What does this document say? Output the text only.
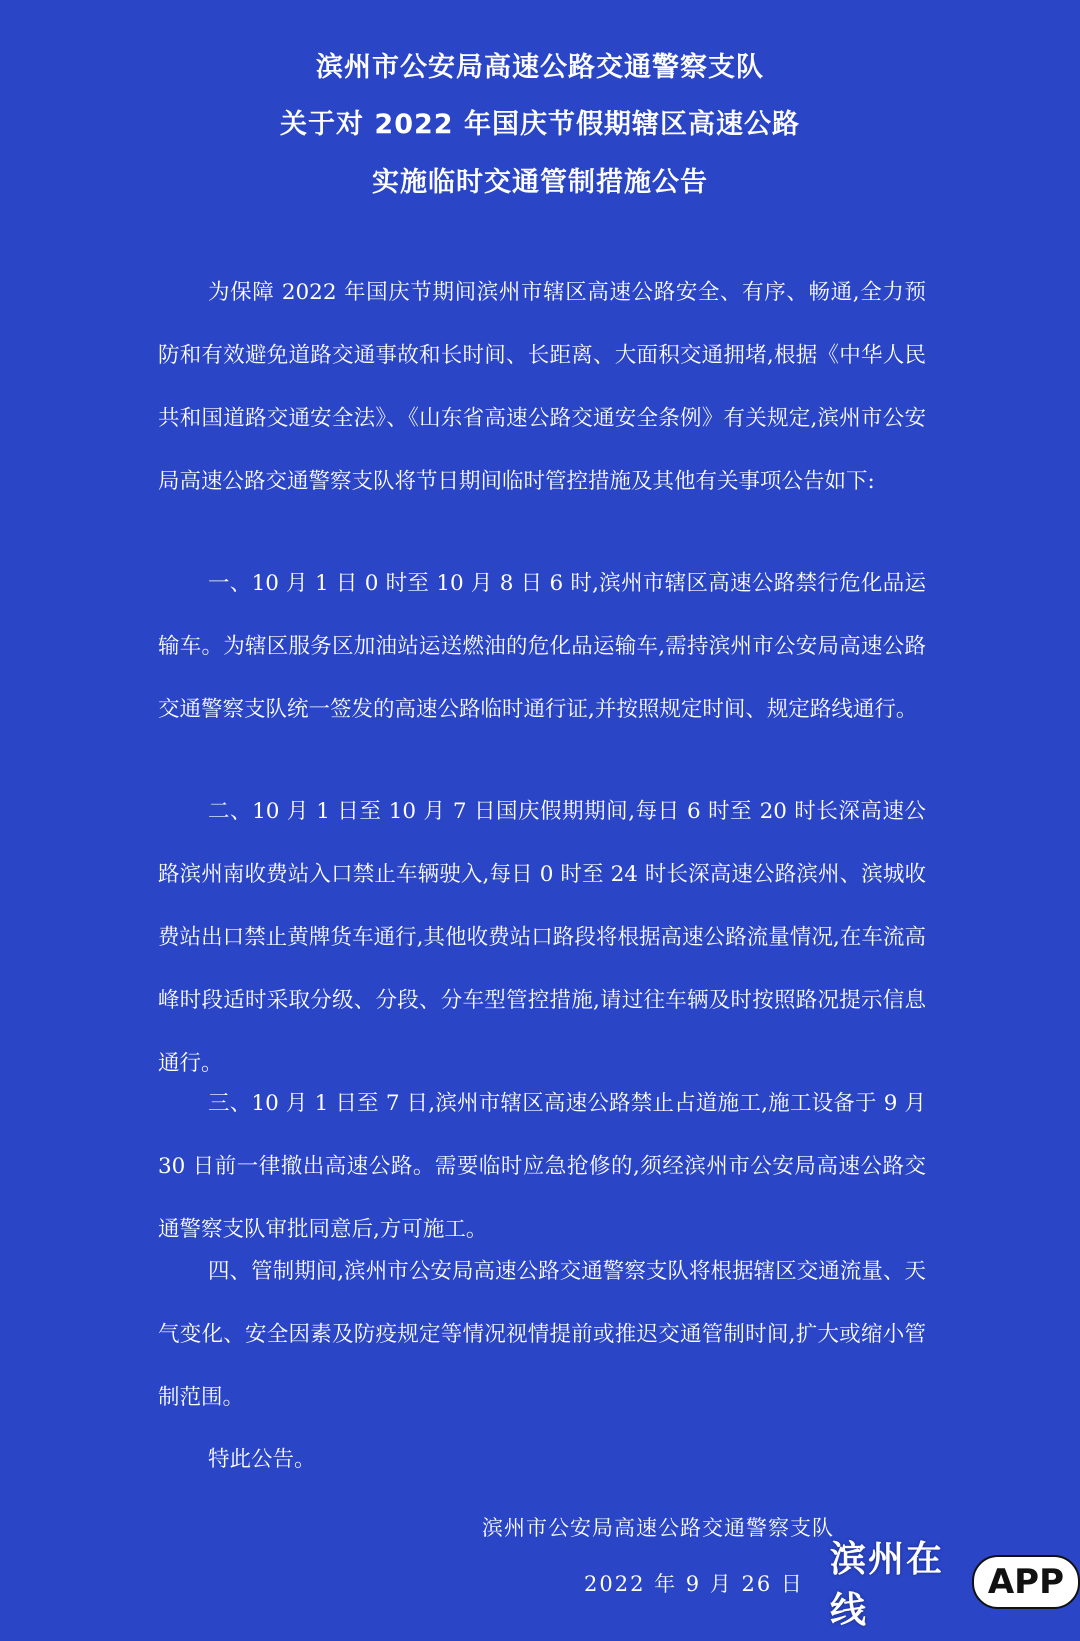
滨州市公安局高速公路交通警察支队
关于对 2022 年国庆节假期辖区高速公路
实施临时交通管制措施公告

为保障 2022 年国庆节期间滨州市辖区高速公路安全、有序、畅通,全力预防和有效避免道路交通事故和长时间、长距离、大面积交通拥堵,根据《中华人民共和国道路交通安全法》、《山东省高速公路交通安全条例》有关规定,滨州市公安局高速公路交通警察支队将节日期间临时管控措施及其他有关事项公告如下:

一、10 月 1 日 0 时至 10 月 8 日 6 时,滨州市辖区高速公路禁行危化品运输车。为辖区服务区加油站运送燃油的危化品运输车,需持滨州市公安局高速公路交通警察支队统一签发的高速公路临时通行证,并按照规定时间、规定路线通行。

二、10 月 1 日至 10 月 7 日国庆假期期间,每日 6 时至 20 时长深高速公路滨州南收费站入口禁止车辆驶入,每日 0 时至 24 时长深高速公路滨州、滨城收费站出口禁止黄牌货车通行,其他收费站口路段将根据高速公路流量情况,在车流高峰时段适时采取分级、分段、分车型管控措施,请过往车辆及时按照路况提示信息通行。

三、10 月 1 日至 7 日,滨州市辖区高速公路禁止占道施工,施工设备于 9 月 30 日前一律撤出高速公路。需要临时应急抢修的,须经滨州市公安局高速公路交通警察支队审批同意后,方可施工。

四、管制期间,滨州市公安局高速公路交通警察支队将根据辖区交通流量、天气变化、安全因素及防疫规定等情况视情提前或推迟交通管制时间,扩大或缩小管制范围。

特此公告。
滨州市公安局高速公路交通警察支队
2022 年 9 月 26 日
滨州在线
APP
